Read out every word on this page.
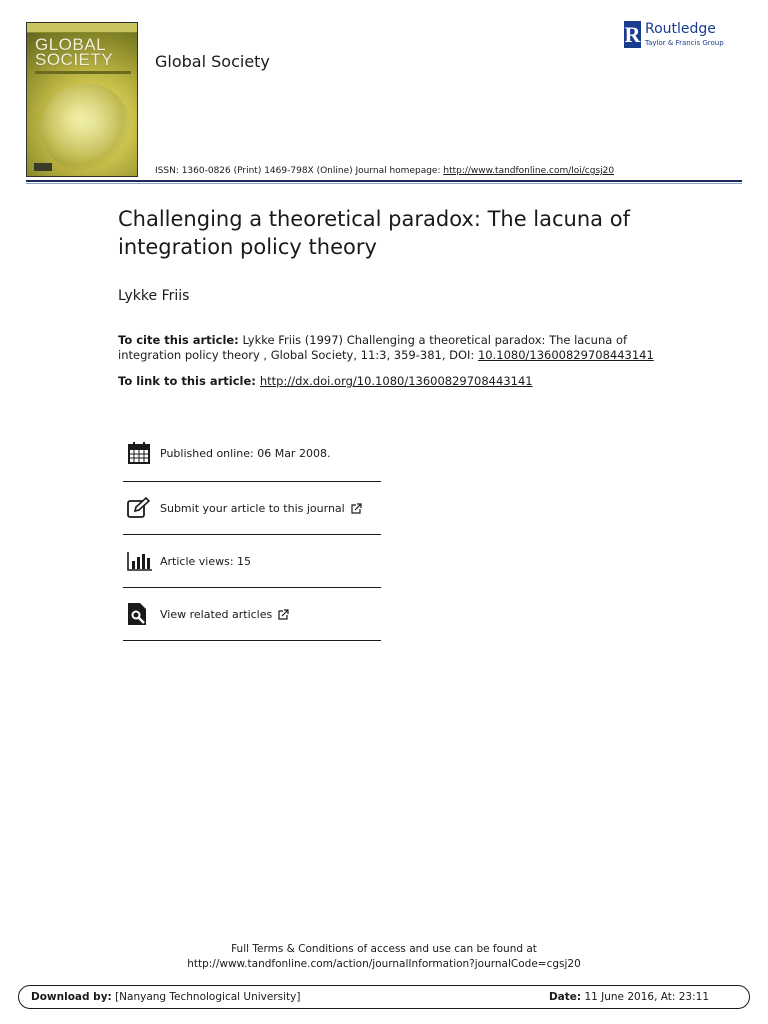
GLOBAL
SOCIETY	Global Society
R Routledge
Taylor & Francis Group
ISSN: 1360-0826 (Print) 1469-798X (Online) Journal homepage: http://www.tandfonline.com/loi/cgsj20
Challenging a theoretical paradox: The lacuna of integration policy theory
Lykke Friis
To cite this article: Lykke Friis (1997) Challenging a theoretical paradox: The lacuna of integration policy theory , Global Society, 11:3, 359-381, DOI: 10.1080/13600829708443141
To link to this article: http://dx.doi.org/10.1080/13600829708443141
Published online: 06 Mar 2008.
Submit your article to this journal
Article views: 15
View related articles
Full Terms & Conditions of access and use can be found at
http://www.tandfonline.com/action/journalInformation?journalCode=cgsj20
Download by: [Nanyang Technological University]	Date: 11 June 2016, At: 23:11
